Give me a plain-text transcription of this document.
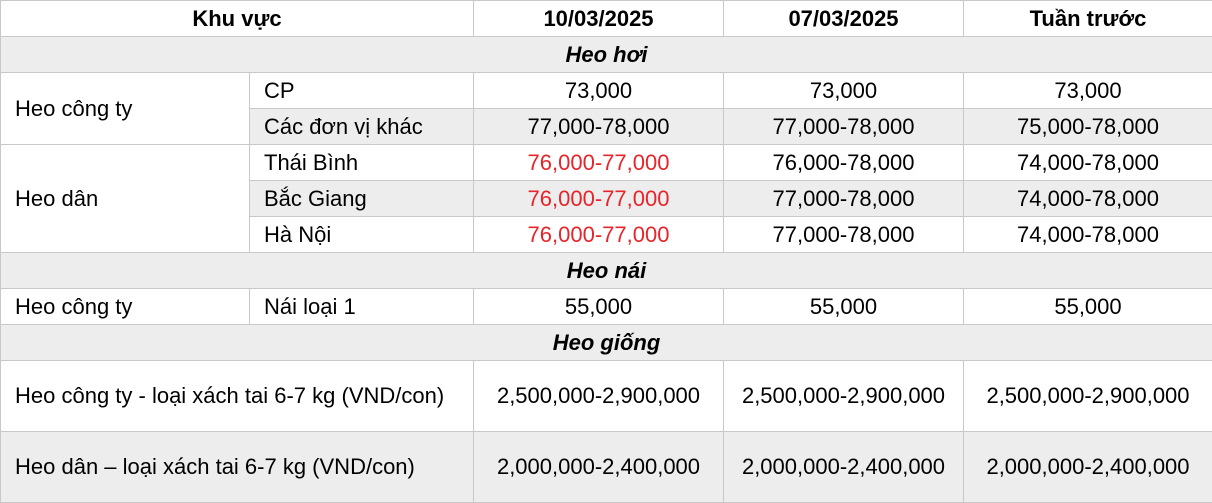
Khu vực		10/03/2025	07/03/2025	Tuần trước
Heo hơi				
Heo công ty	CP	73,000	73,000	73,000
	Các đơn vị khác	77,000-78,000	77,000-78,000	75,000-78,000
Heo dân	Thái Bình	76,000-77,000	76,000-78,000	74,000-78,000
	Bắc Giang	76,000-77,000	77,000-78,000	74,000-78,000
	Hà Nội	76,000-77,000	77,000-78,000	74,000-78,000
Heo nái				
Heo công ty	Nái loại 1	55,000	55,000	55,000
Heo giống				
Heo công ty - loại xách tai 6-7 kg (VND/con)		2,500,000-2,900,000	2,500,000-2,900,000	2,500,000-2,900,000
Heo dân – loại xách tai 6-7 kg (VND/con)		2,000,000-2,400,000	2,000,000-2,400,000	2,000,000-2,400,000
